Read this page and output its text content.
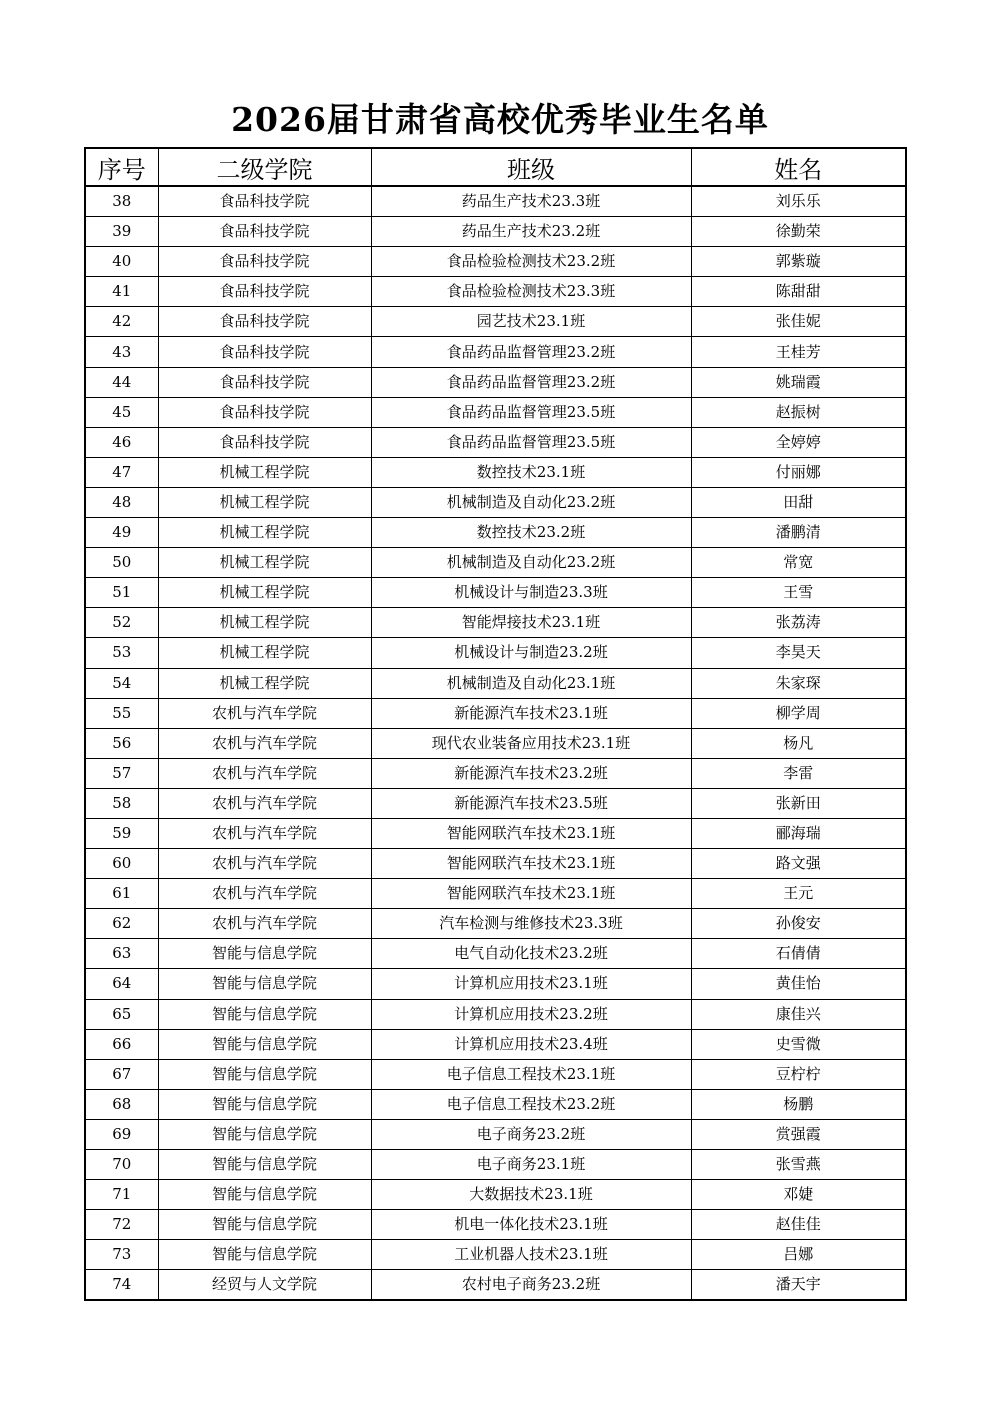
2026届甘肃省高校优秀毕业生名单
序号	二级学院	班级	姓名
38	食品科技学院	药品生产技术23.3班	刘乐乐
39	食品科技学院	药品生产技术23.2班	徐勤荣
40	食品科技学院	食品检验检测技术23.2班	郭紫璇
41	食品科技学院	食品检验检测技术23.3班	陈甜甜
42	食品科技学院	园艺技术23.1班	张佳妮
43	食品科技学院	食品药品监督管理23.2班	王桂芳
44	食品科技学院	食品药品监督管理23.2班	姚瑞霞
45	食品科技学院	食品药品监督管理23.5班	赵振树
46	食品科技学院	食品药品监督管理23.5班	全婷婷
47	机械工程学院	数控技术23.1班	付丽娜
48	机械工程学院	机械制造及自动化23.2班	田甜
49	机械工程学院	数控技术23.2班	潘鹏清
50	机械工程学院	机械制造及自动化23.2班	常宽
51	机械工程学院	机械设计与制造23.3班	王雪
52	机械工程学院	智能焊接技术23.1班	张荔涛
53	机械工程学院	机械设计与制造23.2班	李昊天
54	机械工程学院	机械制造及自动化23.1班	朱家琛
55	农机与汽车学院	新能源汽车技术23.1班	柳学周
56	农机与汽车学院	现代农业装备应用技术23.1班	杨凡
57	农机与汽车学院	新能源汽车技术23.2班	李雷
58	农机与汽车学院	新能源汽车技术23.5班	张新田
59	农机与汽车学院	智能网联汽车技术23.1班	郦海瑞
60	农机与汽车学院	智能网联汽车技术23.1班	路文强
61	农机与汽车学院	智能网联汽车技术23.1班	王元
62	农机与汽车学院	汽车检测与维修技术23.3班	孙俊安
63	智能与信息学院	电气自动化技术23.2班	石倩倩
64	智能与信息学院	计算机应用技术23.1班	黄佳怡
65	智能与信息学院	计算机应用技术23.2班	康佳兴
66	智能与信息学院	计算机应用技术23.4班	史雪微
67	智能与信息学院	电子信息工程技术23.1班	豆柠柠
68	智能与信息学院	电子信息工程技术23.2班	杨鹏
69	智能与信息学院	电子商务23.2班	赏强霞
70	智能与信息学院	电子商务23.1班	张雪燕
71	智能与信息学院	大数据技术23.1班	邓婕
72	智能与信息学院	机电一体化技术23.1班	赵佳佳
73	智能与信息学院	工业机器人技术23.1班	吕娜
74	经贸与人文学院	农村电子商务23.2班	潘天宇
